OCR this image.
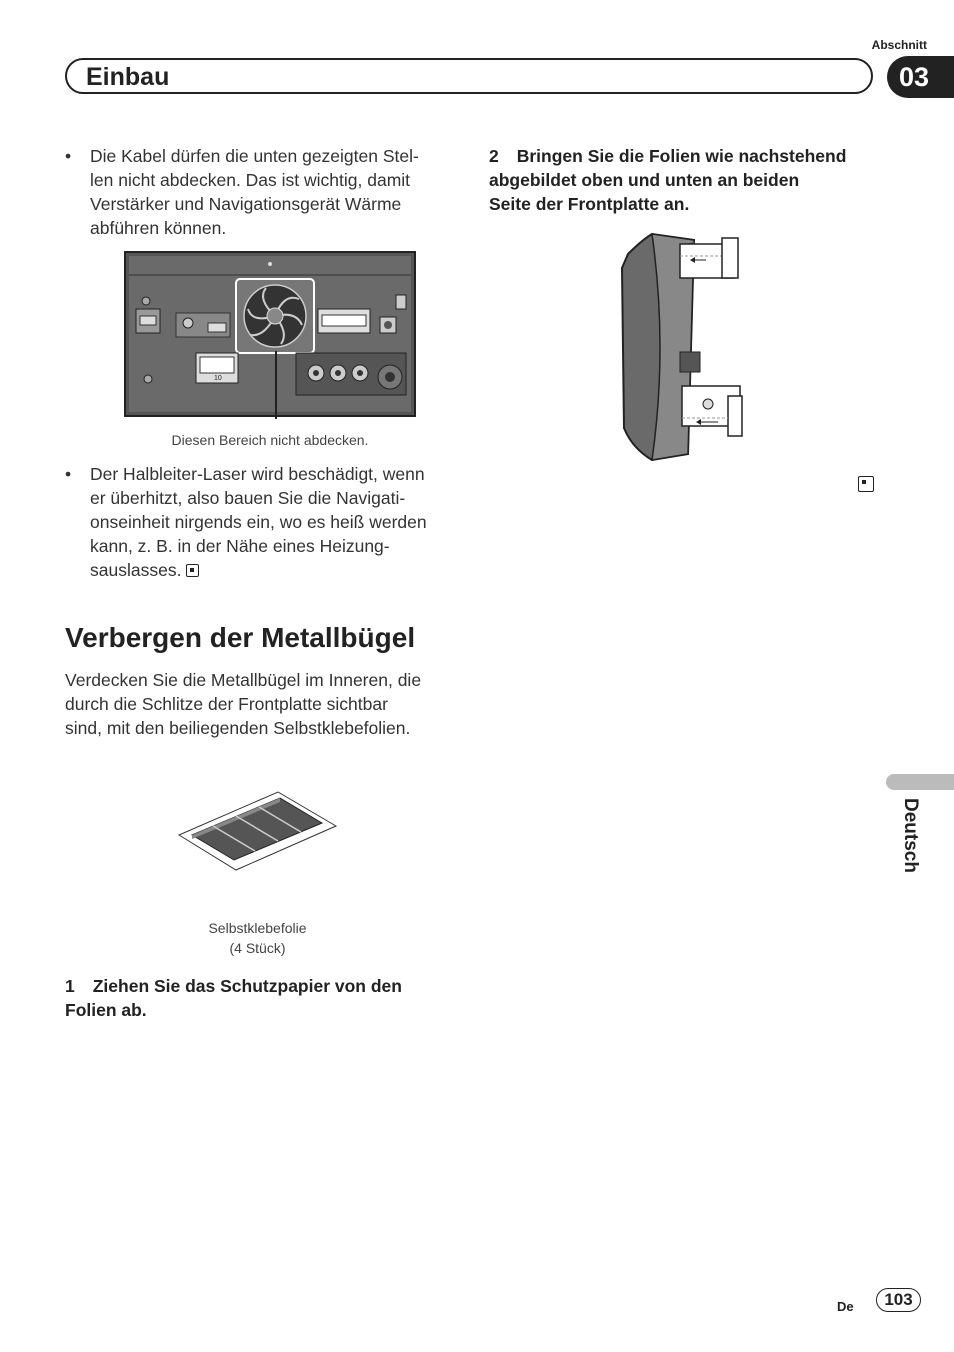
Abschnitt
Einbau	03
• Die Kabel dürfen die unten gezeigten Stel-
len nicht abdecken. Das ist wichtig, damit
Verstärker und Navigationsgerät Wärme
abführen können.
10
Diesen Bereich nicht abdecken.
• Der Halbleiter-Laser wird beschädigt, wenn
er überhitzt, also bauen Sie die Navigati-
onseinheit nirgends ein, wo es heiß werden
kann, z. B. in der Nähe eines Heizung-
sauslasses.
Verbergen der Metallbügel
Verdecken Sie die Metallbügel im Inneren, die
durch die Schlitze der Frontplatte sichtbar
sind, mit den beiliegenden Selbstklebefolien.
Selbstklebefolie
(4 Stück)
1 Ziehen Sie das Schutzpapier von den
Folien ab.
2 Bringen Sie die Folien wie nachstehend
abgebildet oben und unten an beiden
Seite der Frontplatte an.
Deutsch
De	103
